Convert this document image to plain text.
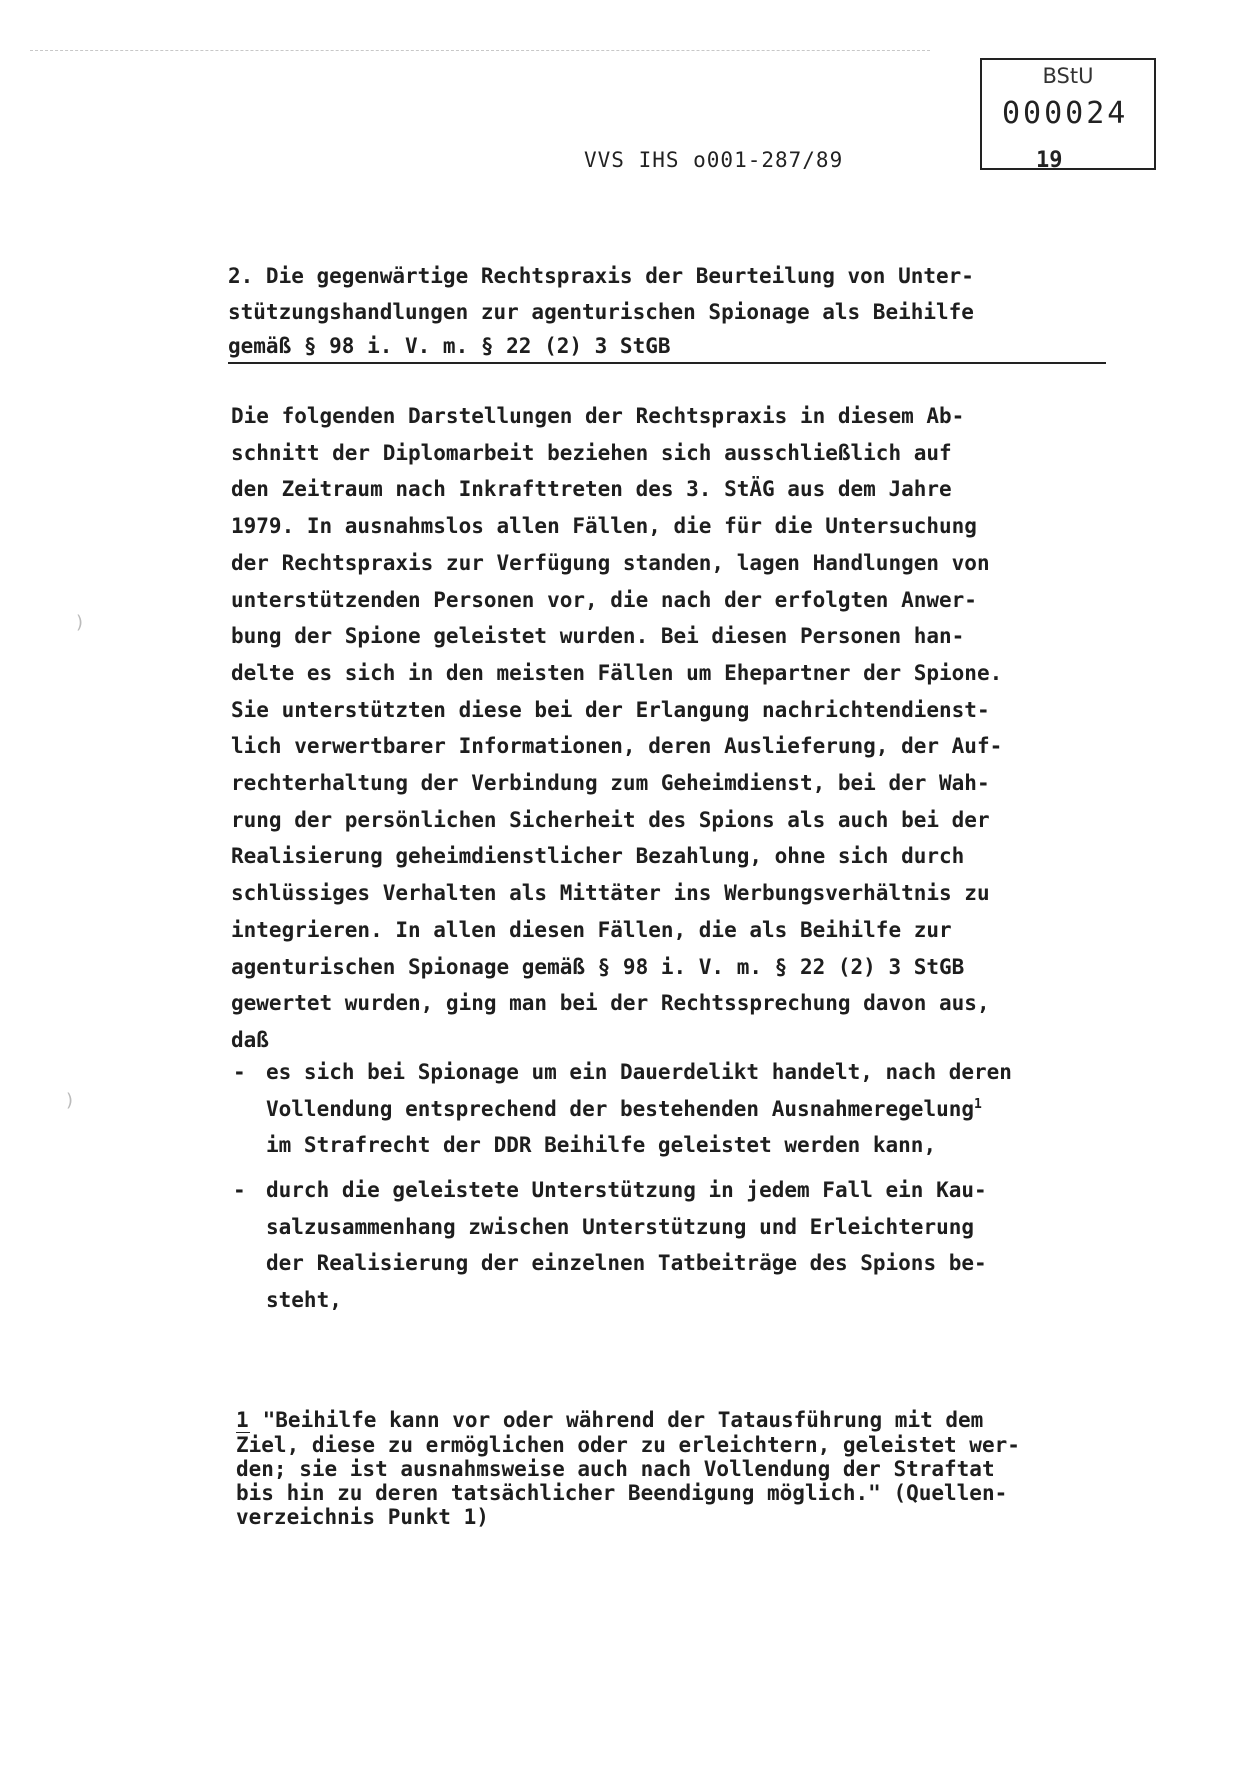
BStU
000024
VVS IHS o001-287/89	19
2. Die gegenwärtige Rechtspraxis der Beurteilung von Unter-
stützungshandlungen zur agenturischen Spionage als Beihilfe
gemäß § 98 i. V. m. § 22 (2) 3 StGB
Die folgenden Darstellungen der Rechtspraxis in diesem Ab-
schnitt der Diplomarbeit beziehen sich ausschließlich auf
den Zeitraum nach Inkrafttreten des 3. StÄG aus dem Jahre
1979. In ausnahmslos allen Fällen, die für die Untersuchung
der Rechtspraxis zur Verfügung standen, lagen Handlungen von
unterstützenden Personen vor, die nach der erfolgten Anwer-
bung der Spione geleistet wurden. Bei diesen Personen han-
delte es sich in den meisten Fällen um Ehepartner der Spione.
Sie unterstützten diese bei der Erlangung nachrichtendienst-
lich verwertbarer Informationen, deren Auslieferung, der Auf-
rechterhaltung der Verbindung zum Geheimdienst, bei der Wah-
rung der persönlichen Sicherheit des Spions als auch bei der
Realisierung geheimdienstlicher Bezahlung, ohne sich durch
schlüssiges Verhalten als Mittäter ins Werbungsverhältnis zu
integrieren. In allen diesen Fällen, die als Beihilfe zur
agenturischen Spionage gemäß § 98 i. V. m. § 22 (2) 3 StGB
gewertet wurden, ging man bei der Rechtssprechung davon aus,
daß
- es sich bei Spionage um ein Dauerdelikt handelt, nach deren
Vollendung entsprechend der bestehenden Ausnahmeregelung$^1$
im Strafrecht der DDR Beihilfe geleistet werden kann,
- durch die geleistete Unterstützung in jedem Fall ein Kau-
salzusammenhang zwischen Unterstützung und Erleichterung
der Realisierung der einzelnen Tatbeiträge des Spions be-
steht,
1 "Beihilfe kann vor oder während der Tatausführung mit dem
Ziel, diese zu ermöglichen oder zu erleichtern, geleistet wer-
den; sie ist ausnahmsweise auch nach Vollendung der Straftat
bis hin zu deren tatsächlicher Beendigung möglich." (Quellen-
verzeichnis Punkt 1)
)
)
